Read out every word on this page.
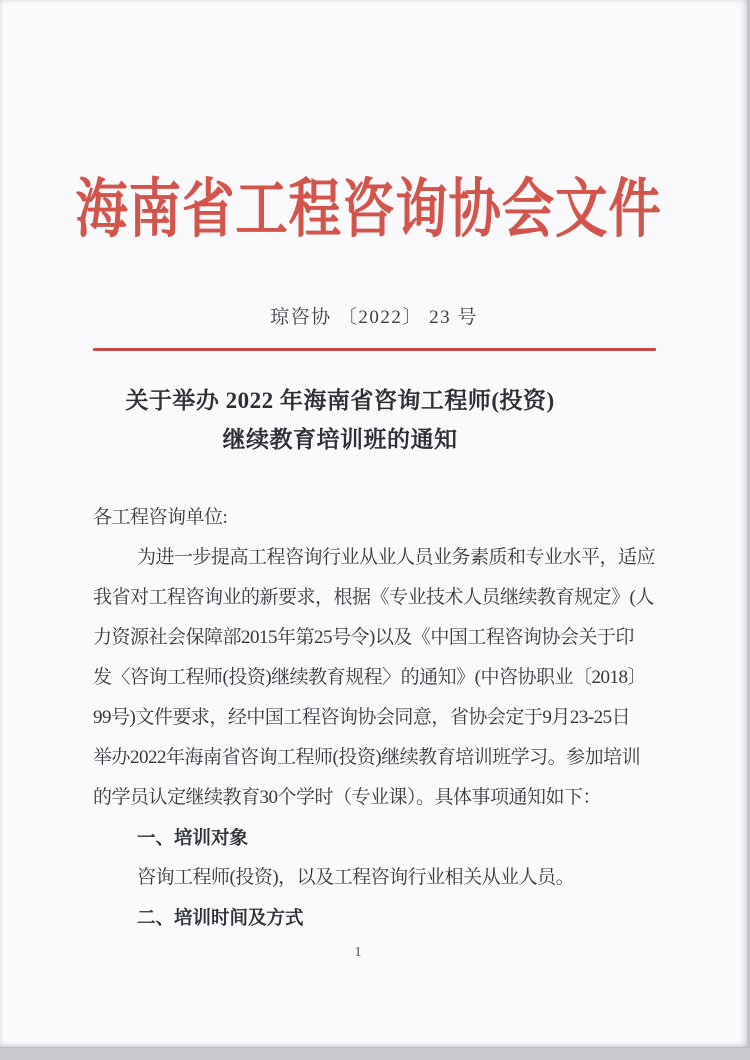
海南省工程咨询协会文件
琼咨协 〔2022〕 23 号
关于举办 2022 年海南省咨询工程师(投资)
继续教育培训班的通知
各工程咨询单位:
为进一步提高工程咨询行业从业人员业务素质和专业水平，适应
我省对工程咨询业的新要求，根据《专业技术人员继续教育规定》(人
力资源社会保障部2015年第25号令)以及《中国工程咨询协会关于印
发〈咨询工程师(投资)继续教育规程〉的通知》(中咨协职业〔2018〕
99号)文件要求，经中国工程咨询协会同意，省协会定于9月23-25日
举办2022年海南省咨询工程师(投资)继续教育培训班学习。参加培训
的学员认定继续教育30个学时（专业课）。具体事项通知如下：
一、培训对象
咨询工程师(投资)，以及工程咨询行业相关从业人员。
二、培训时间及方式
1
